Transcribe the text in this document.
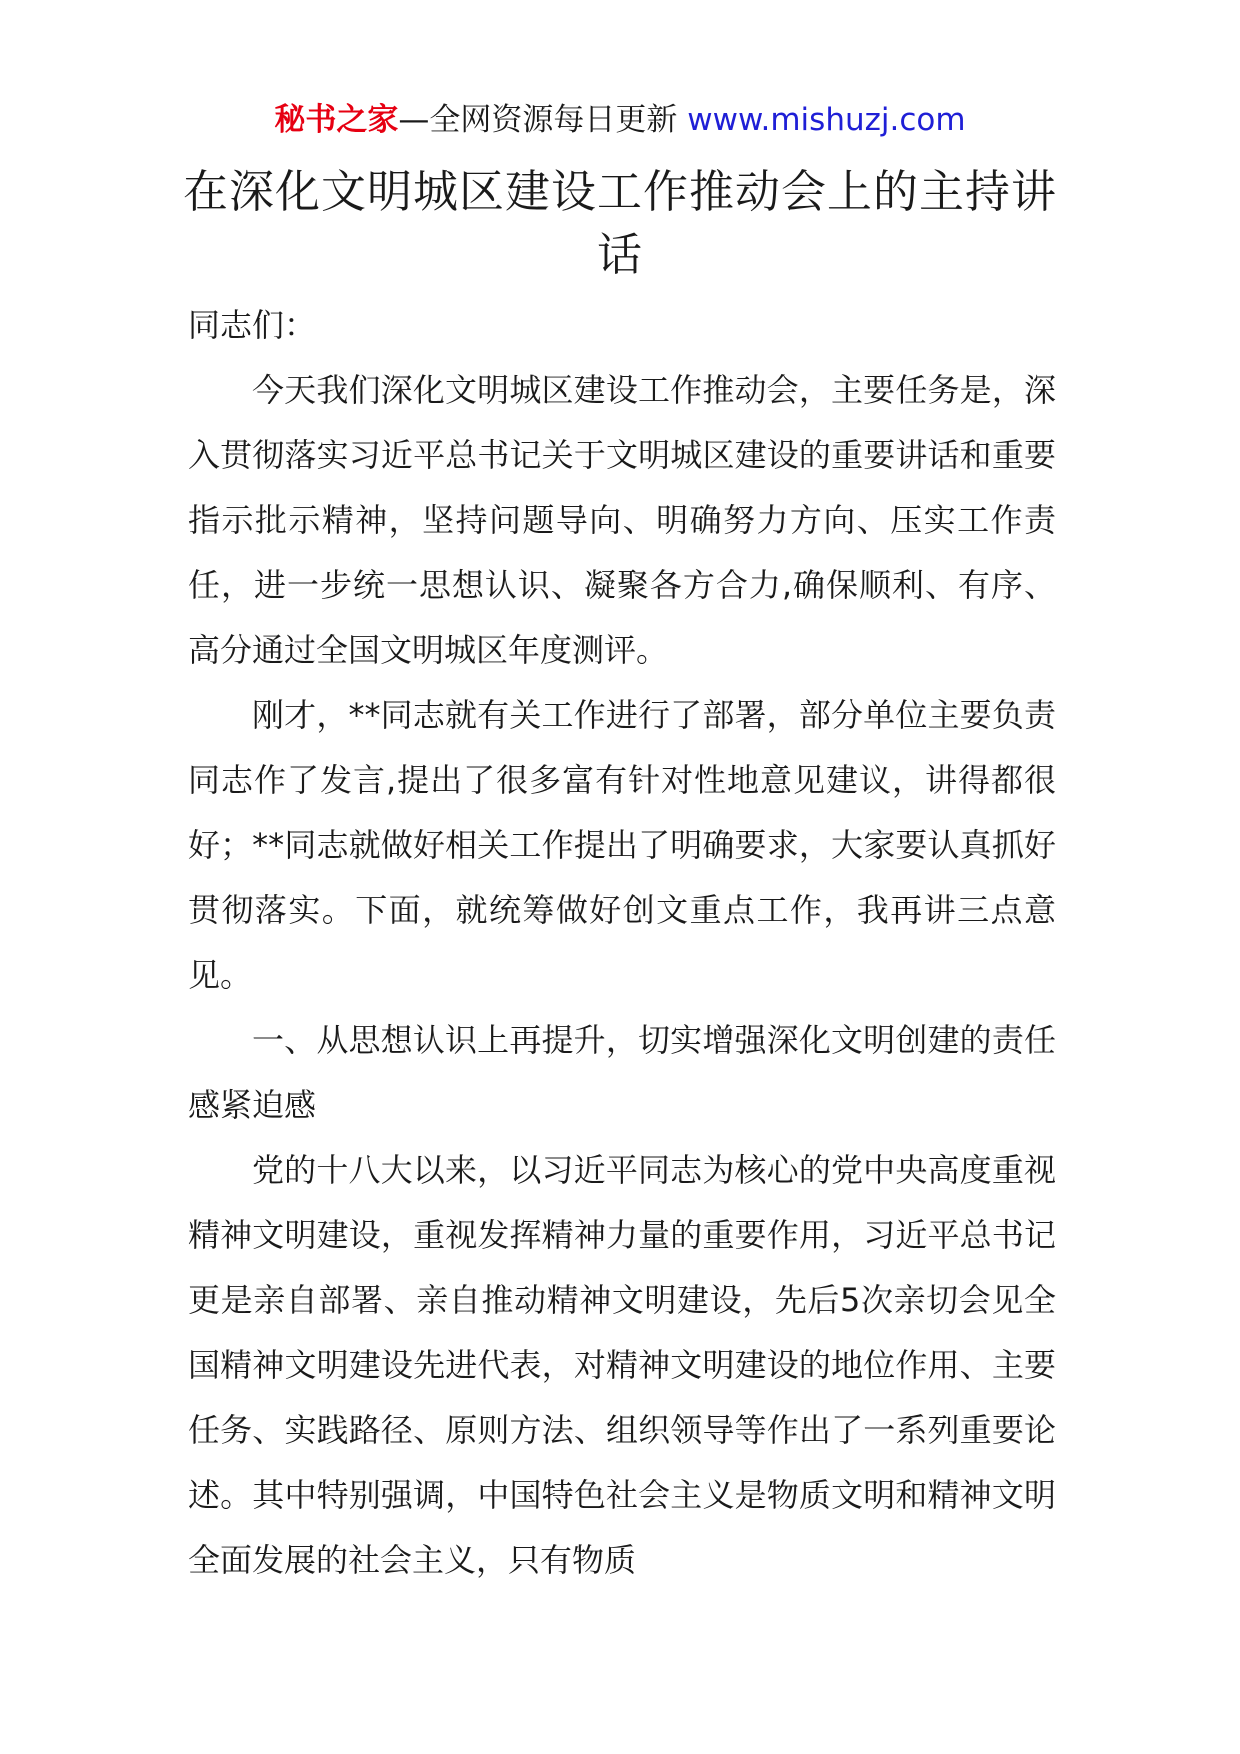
秘书之家—全网资源每日更新 www.mishuzj.com
在深化文明城区建设工作推动会上的主持讲话

同志们：

今天我们深化文明城区建设工作推动会，主要任务是，深入贯彻落实习近平总书记关于文明城区建设的重要讲话和重要指示批示精神，坚持问题导向、明确努力方向、压实工作责任，进一步统一思想认识、凝聚各方合力,确保顺利、有序、高分通过全国文明城区年度测评。

刚才，**同志就有关工作进行了部署，部分单位主要负责同志作了发言,提出了很多富有针对性地意见建议，讲得都很好；**同志就做好相关工作提出了明确要求，大家要认真抓好贯彻落实。下面，就统筹做好创文重点工作，我再讲三点意见。

一、从思想认识上再提升，切实增强深化文明创建的责任感紧迫感

党的十八大以来，以习近平同志为核心的党中央高度重视精神文明建设，重视发挥精神力量的重要作用，习近平总书记更是亲自部署、亲自推动精神文明建设，先后5次亲切会见全国精神文明建设先进代表，对精神文明建设的地位作用、主要任务、实践路径、原则方法、组织领导等作出了一系列重要论述。其中特别强调，中国特色社会主义是物质文明和精神文明全面发展的社会主义，只有物质
